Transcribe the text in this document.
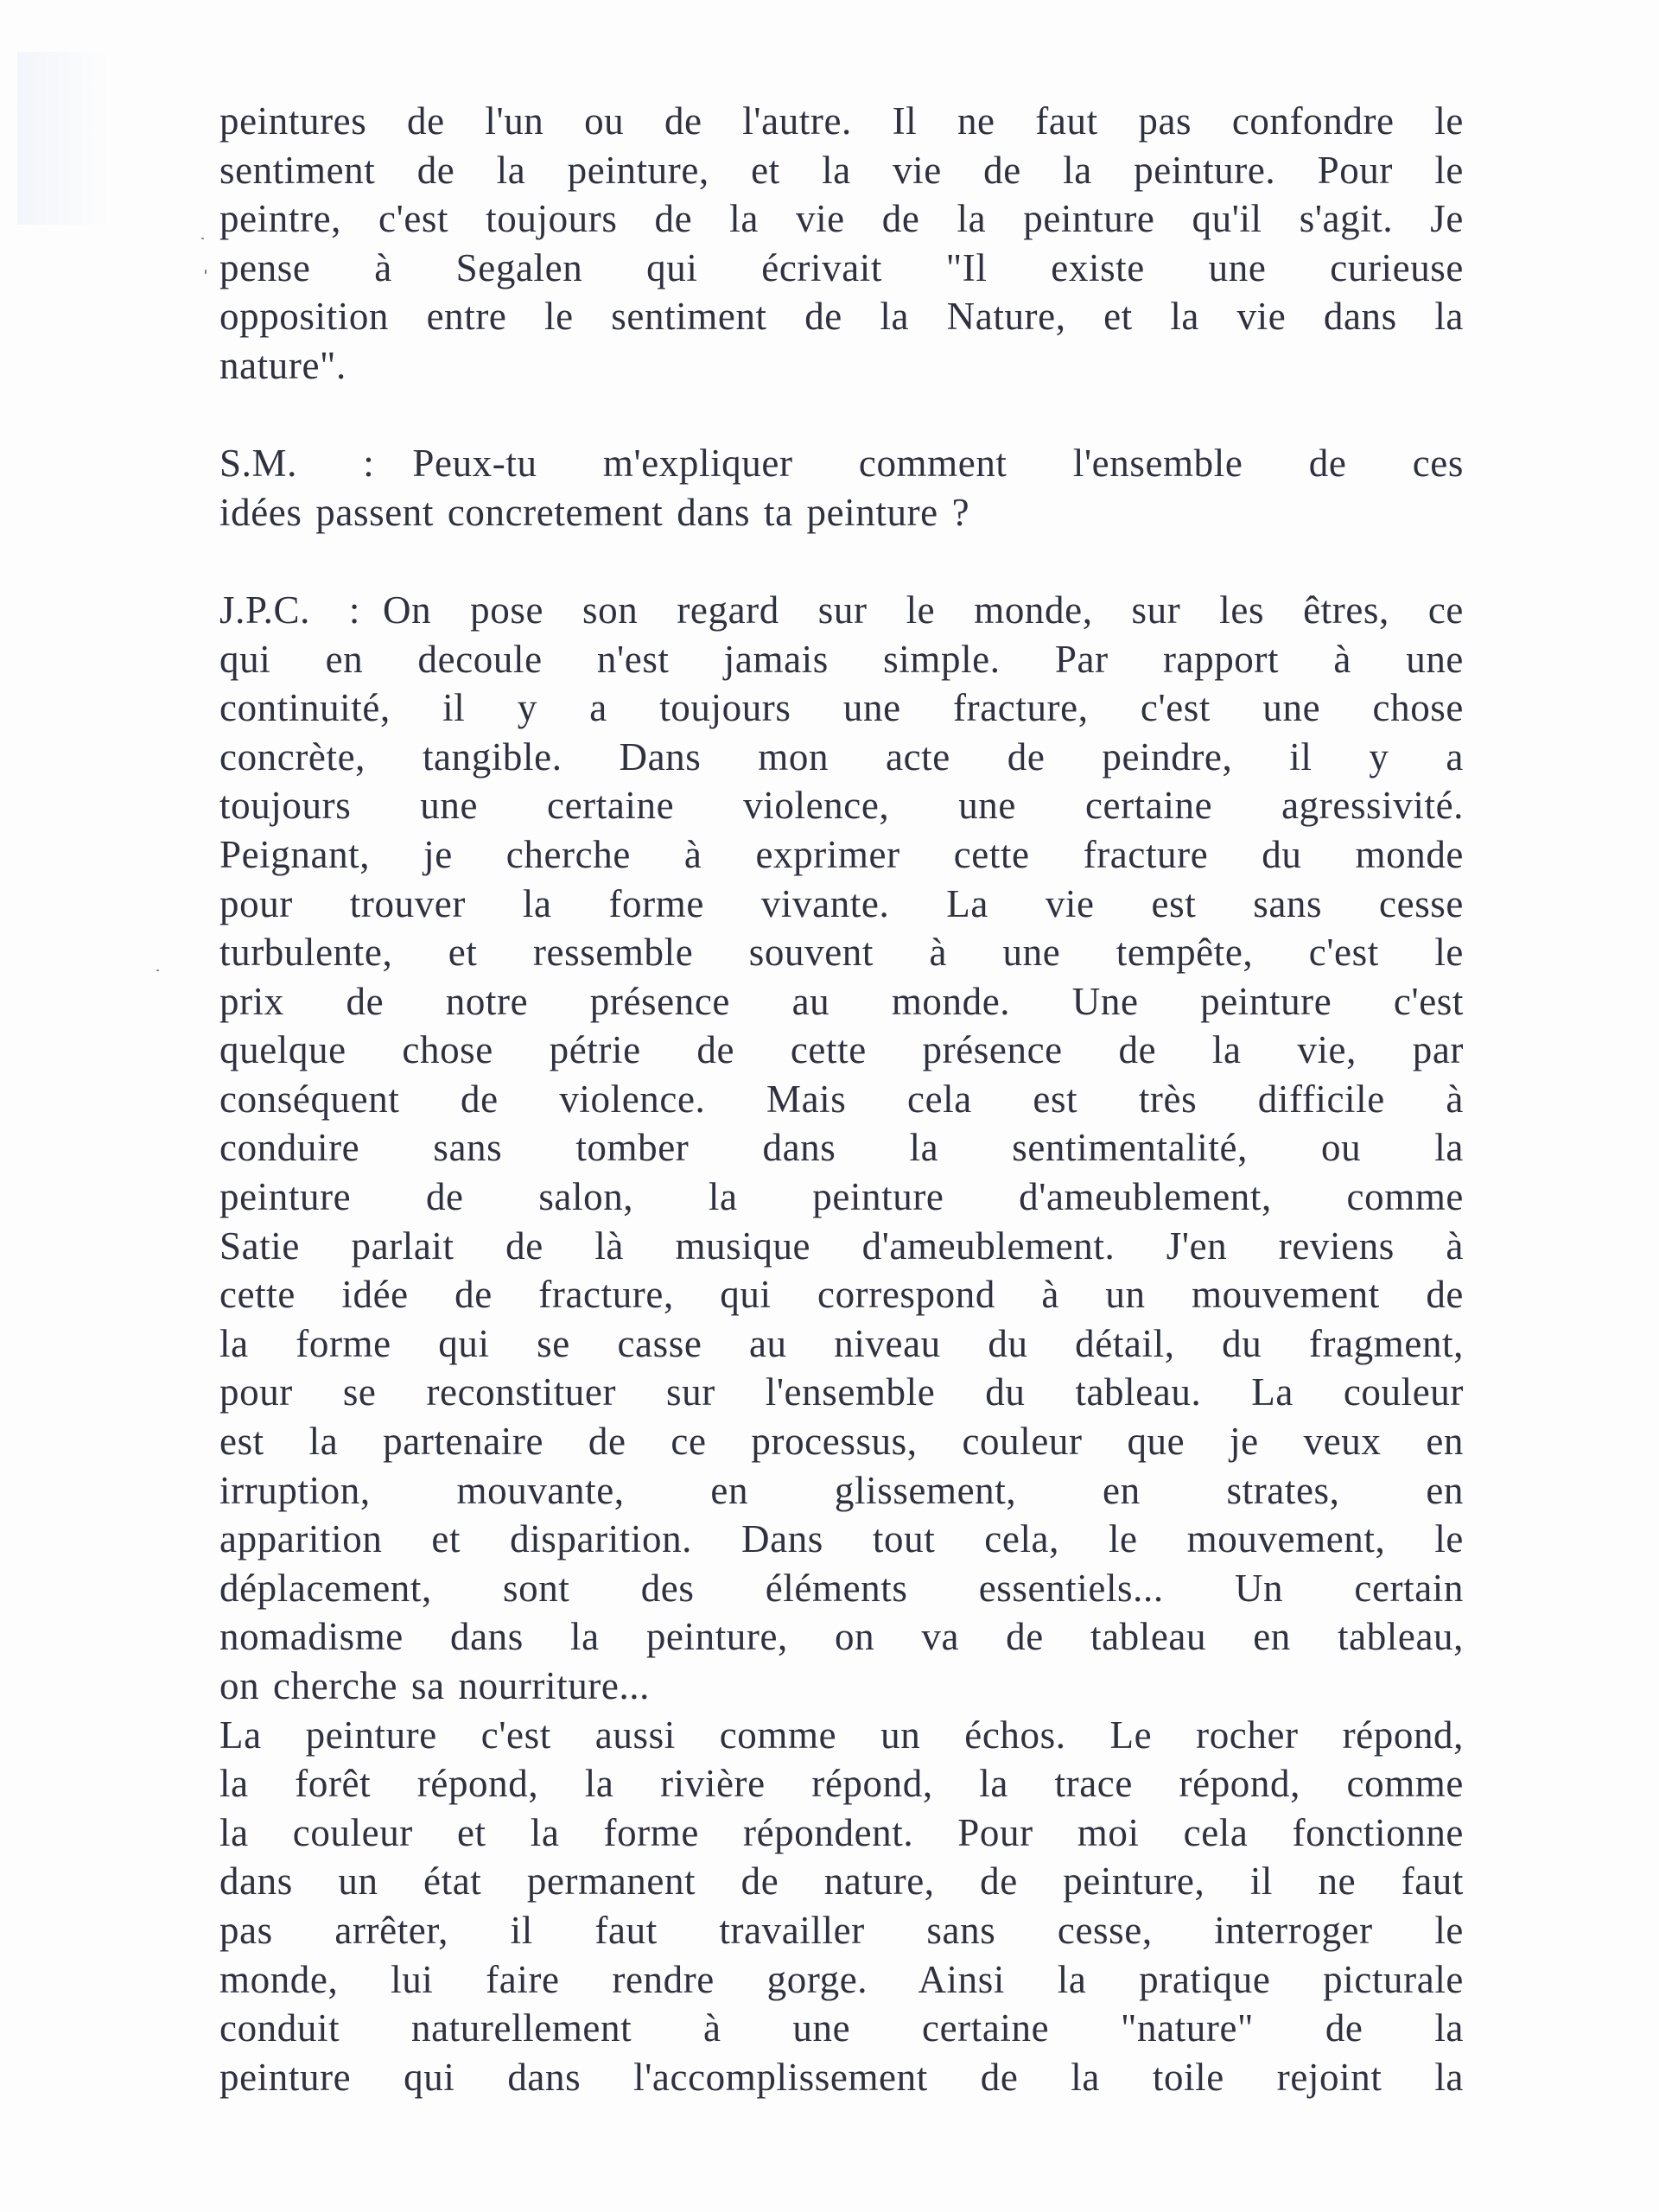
peintures de l'un ou de l'autre. Il ne faut pas confondre le
sentiment de la peinture, et la vie de la peinture. Pour le
peintre, c'est toujours de la vie de la peinture qu'il s'agit. Je
pense à Segalen qui écrivait "Il existe une curieuse
opposition entre le sentiment de la Nature, et la vie dans la
nature".
S.M. : Peux-tu m'expliquer comment l'ensemble de ces
idées passent concretement dans ta peinture ?
J.P.C. : On pose son regard sur le monde, sur les êtres, ce
qui en decoule n'est jamais simple. Par rapport à une
continuité, il y a toujours une fracture, c'est une chose
concrète, tangible. Dans mon acte de peindre, il y a
toujours une certaine violence, une certaine agressivité.
Peignant, je cherche à exprimer cette fracture du monde
pour trouver la forme vivante. La vie est sans cesse
turbulente, et ressemble souvent à une tempête, c'est le
prix de notre présence au monde. Une peinture c'est
quelque chose pétrie de cette présence de la vie, par
conséquent de violence. Mais cela est très difficile à
conduire sans tomber dans la sentimentalité, ou la
peinture de salon, la peinture d'ameublement, comme
Satie parlait de là musique d'ameublement. J'en reviens à
cette idée de fracture, qui correspond à un mouvement de
la forme qui se casse au niveau du détail, du fragment,
pour se reconstituer sur l'ensemble du tableau. La couleur
est la partenaire de ce processus, couleur que je veux en
irruption, mouvante, en glissement, en strates, en
apparition et disparition. Dans tout cela, le mouvement, le
déplacement, sont des éléments essentiels... Un certain
nomadisme dans la peinture, on va de tableau en tableau,
on cherche sa nourriture...
La peinture c'est aussi comme un échos. Le rocher répond,
la forêt répond, la rivière répond, la trace répond, comme
la couleur et la forme répondent. Pour moi cela fonctionne
dans un état permanent de nature, de peinture, il ne faut
pas arrêter, il faut travailler sans cesse, interroger le
monde, lui faire rendre gorge. Ainsi la pratique picturale
conduit naturellement à une certaine "nature" de la
peinture qui dans l'accomplissement de la toile rejoint la
